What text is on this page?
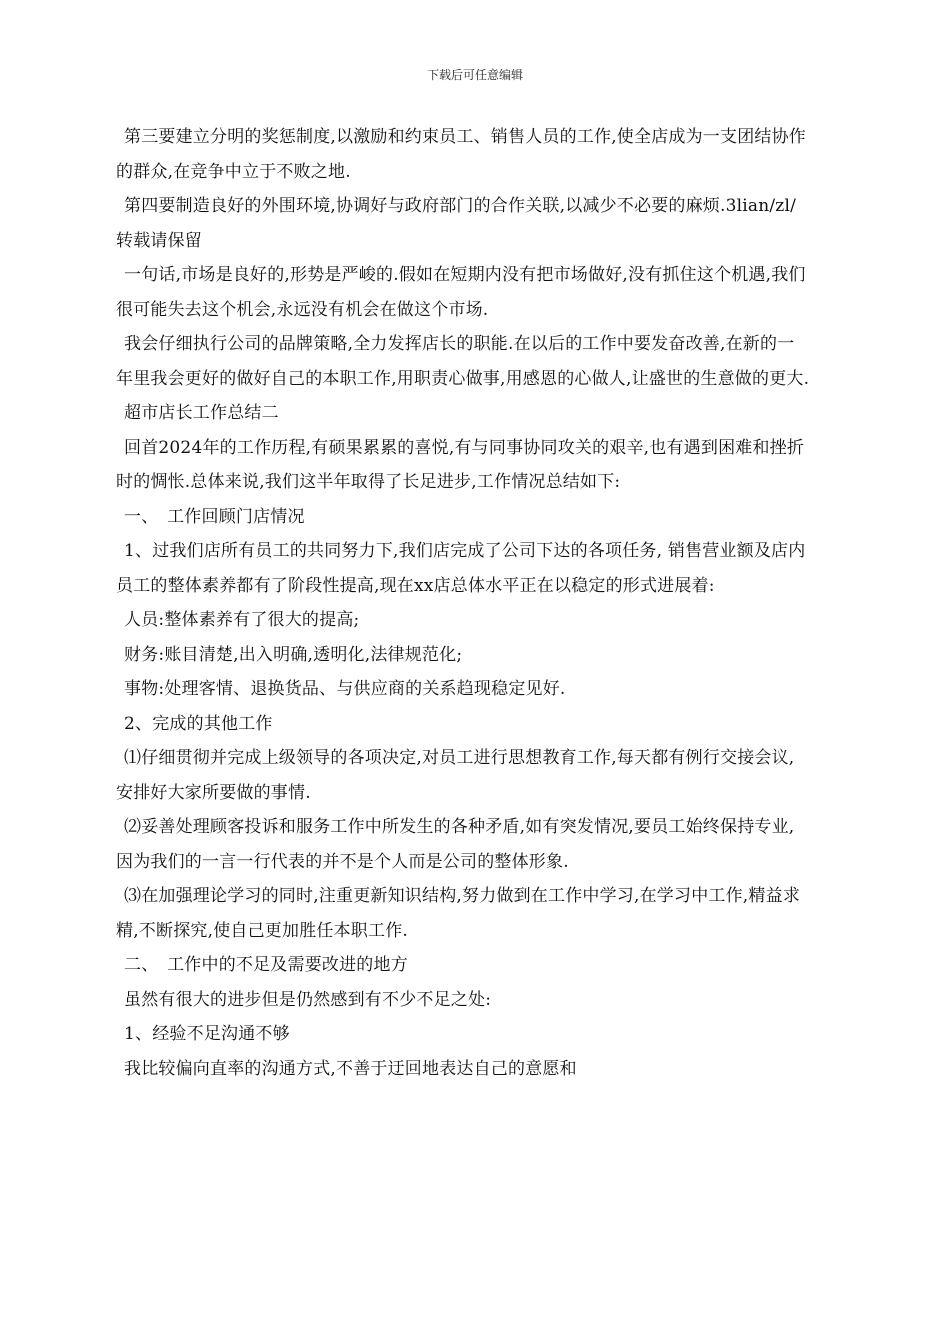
下载后可任意编辑

第三要建立分明的奖惩制度,以激励和约束员工、销售人员的工作,使全店成为一支团结协作的群众,在竞争中立于不败之地.

第四要制造良好的外围环境,协调好与政府部门的合作关联,以减少不必要的麻烦.3lian/zl/转载请保留

一句话,市场是良好的,形势是严峻的.假如在短期内没有把市场做好,没有抓住这个机遇,我们很可能失去这个机会,永远没有机会在做这个市场.

我会仔细执行公司的品牌策略,全力发挥店长的职能.在以后的工作中要发奋改善,在新的一年里我会更好的做好自己的本职工作,用职责心做事,用感恩的心做人,让盛世的生意做的更大.

超市店长工作总结二

回首2024年的工作历程,有硕果累累的喜悦,有与同事协同攻关的艰辛,也有遇到困难和挫折时的惆怅.总体来说,我们这半年取得了长足进步,工作情况总结如下:

一、　工作回顾门店情况

1、过我们店所有员工的共同努力下,我们店完成了公司下达的各项任务, 销售营业额及店内员工的整体素养都有了阶段性提高,现在xx店总体水平正在以稳定的形式进展着:

人员:整体素养有了很大的提高;

财务:账目清楚,出入明确,透明化,法律规范化;

事物:处理客情、退换货品、与供应商的关系趋现稳定见好.

2、完成的其他工作

⑴仔细贯彻并完成上级领导的各项决定,对员工进行思想教育工作,每天都有例行交接会议,安排好大家所要做的事情.

⑵妥善处理顾客投诉和服务工作中所发生的各种矛盾,如有突发情况,要员工始终保持专业,因为我们的一言一行代表的并不是个人而是公司的整体形象.

⑶在加强理论学习的同时,注重更新知识结构,努力做到在工作中学习,在学习中工作,精益求精,不断探究,使自己更加胜任本职工作.

二、　工作中的不足及需要改进的地方

虽然有很大的进步但是仍然感到有不少不足之处:

1、经验不足沟通不够

我比较偏向直率的沟通方式,不善于迂回地表达自己的意愿和
